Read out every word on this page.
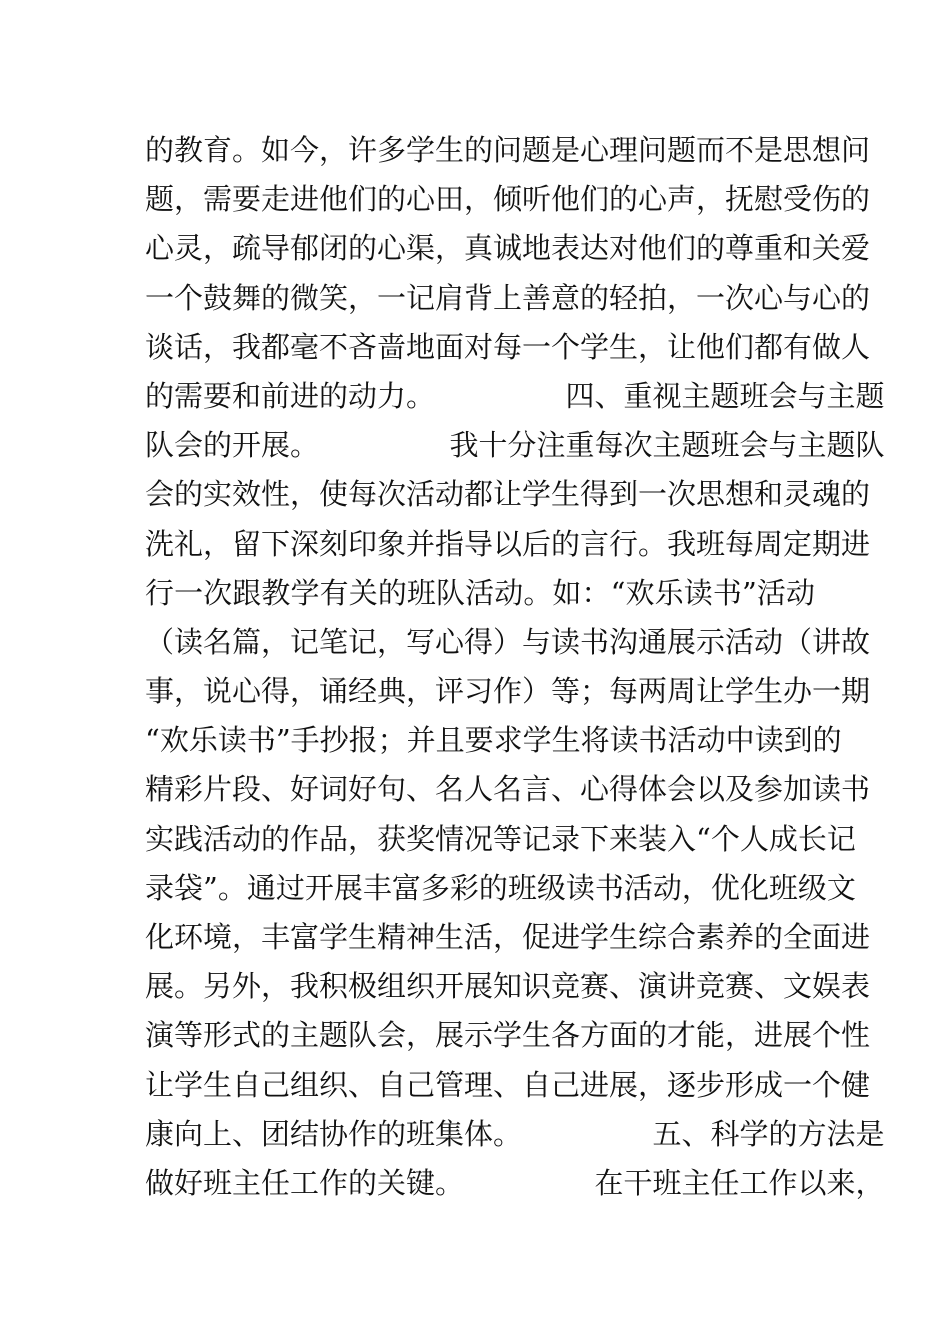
的教育。如今，许多学生的问题是心理问题而不是思想问
题，需要走进他们的心田，倾听他们的心声，抚慰受伤的
心灵，疏导郁闭的心渠，真诚地表达对他们的尊重和关爱
一个鼓舞的微笑，一记肩背上善意的轻拍，一次心与心的
谈话，我都毫不吝啬地面对每一个学生，让他们都有做人
的需要和前进的动力。　　　　　四、重视主题班会与主题
队会的开展。　　　　　我十分注重每次主题班会与主题队
会的实效性，使每次活动都让学生得到一次思想和灵魂的
洗礼，留下深刻印象并指导以后的言行。我班每周定期进
行一次跟教学有关的班队活动。如：“欢乐读书”活动
（读名篇，记笔记，写心得）与读书沟通展示活动（讲故
事，说心得，诵经典，评习作）等；每两周让学生办一期
“欢乐读书”手抄报；并且要求学生将读书活动中读到的
精彩片段、好词好句、名人名言、心得体会以及参加读书
实践活动的作品，获奖情况等记录下来装入“个人成长记
录袋”。通过开展丰富多彩的班级读书活动，优化班级文
化环境，丰富学生精神生活，促进学生综合素养的全面进
展。另外，我积极组织开展知识竞赛、演讲竞赛、文娱表
演等形式的主题队会，展示学生各方面的才能，进展个性
让学生自己组织、自己管理、自己进展，逐步形成一个健
康向上、团结协作的班集体。　　　　　五、科学的方法是
做好班主任工作的关键。　　　　　在干班主任工作以来，
